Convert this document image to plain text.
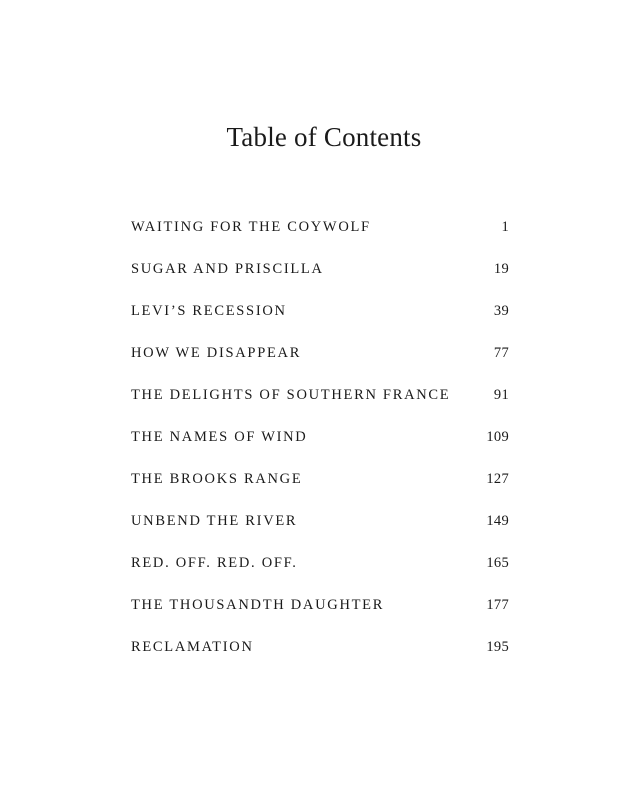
Table of Contents
WAITING FOR THE COYWOLF	1
SUGAR AND PRISCILLA	19
LEVI’S RECESSION	39
HOW WE DISAPPEAR	77
THE DELIGHTS OF SOUTHERN FRANCE	91
THE NAMES OF WIND	109
THE BROOKS RANGE	127
UNBEND THE RIVER	149
RED. OFF. RED. OFF.	165
THE THOUSANDTH DAUGHTER	177
RECLAMATION	195
